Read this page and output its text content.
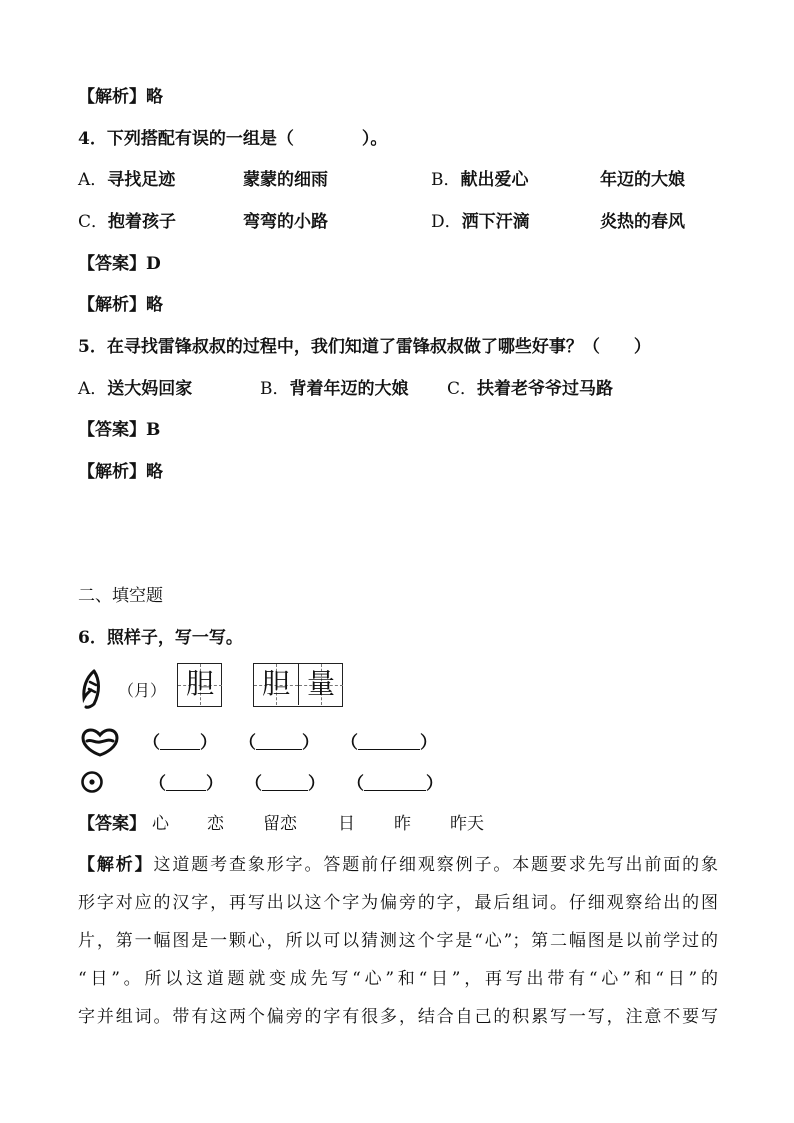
【解析】略
4．下列搭配有误的一组是（　　　　）。
A．寻找足迹	蒙蒙的细雨	B．献出爱心	年迈的大娘
C．抱着孩子	弯弯的小路	D．洒下汗滴	炎热的春风
【答案】D
【解析】略
5．在寻找雷锋叔叔的过程中，我们知道了雷锋叔叔做了哪些好事？（　　）
A．送大妈回家	B．背着年迈的大娘 C．扶着老爷爷过马路
【答案】B
【解析】略
二、填空题
6．照样子，写一写。
（月） 胆 胆 量
（ ） （	） （	）
（ ） （	） （	）
【答案】 心 恋 留恋 日 昨 昨天
【解析】这道题考查象形字。答题前仔细观察例子。本题要求先写出前面的象
形字对应的汉字，再写出以这个字为偏旁的字，最后组词。仔细观察给出的图
片，第一幅图是一颗心，所以可以猜测这个字是“心”；第二幅图是以前学过的
“日”。所以这道题就变成先写“心”和“日”，再写出带有“心”和“日”的
字并组词。带有这两个偏旁的字有很多，结合自己的积累写一写，注意不要写
